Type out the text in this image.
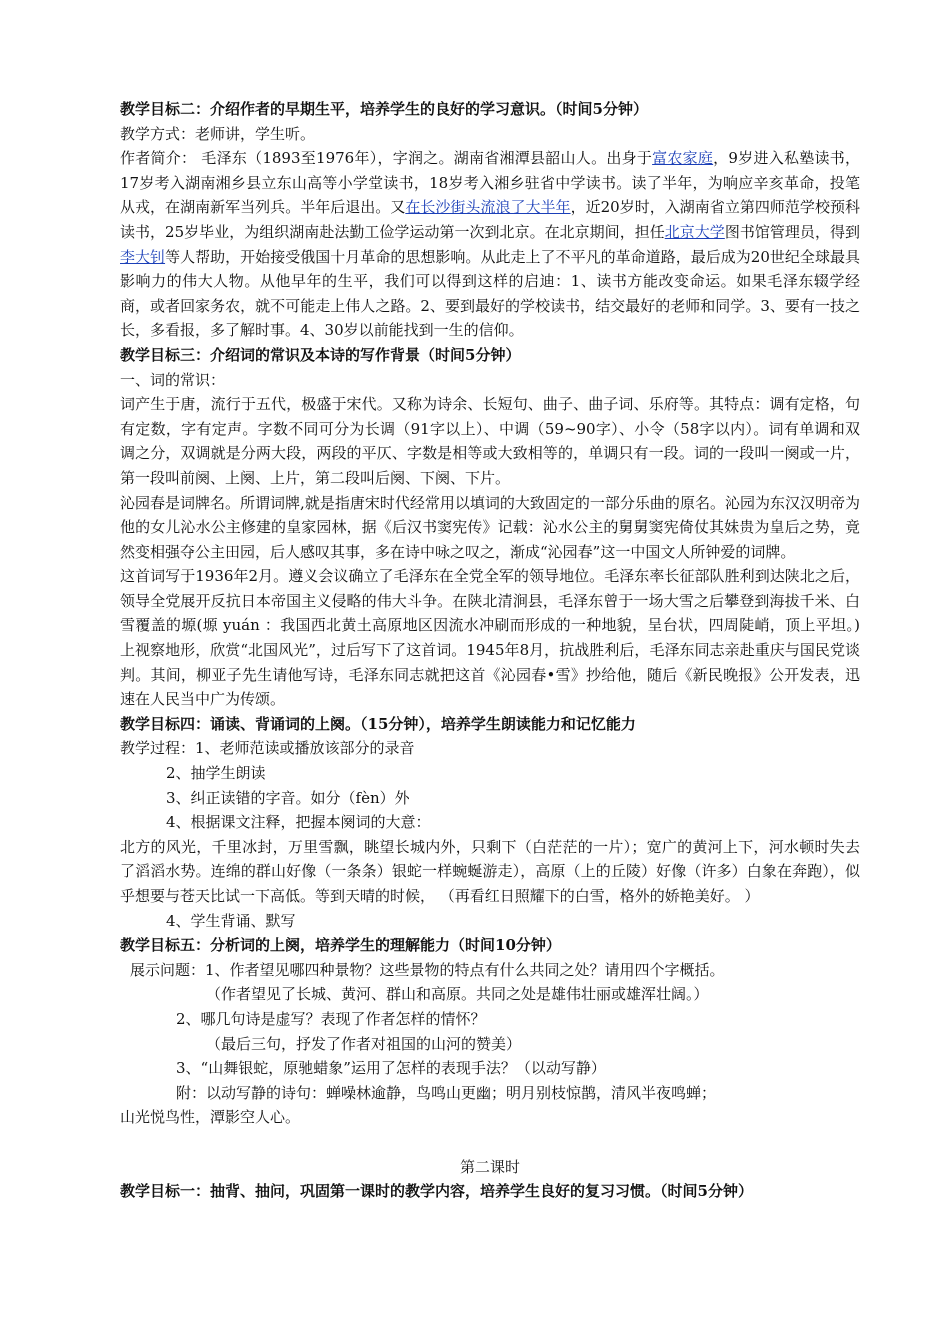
教学目标二：介绍作者的早期生平，培养学生的良好的学习意识。（时间5分钟）

教学方式：老师讲，学生听。

作者简介： 毛泽东（1893至1976年），字润之。湖南省湘潭县韶山人。出身于富农家庭，9岁进入私塾读书，17岁考入湖南湘乡县立东山高等小学堂读书，18岁考入湘乡驻省中学读书。读了半年，为响应辛亥革命，投笔从戎，在湖南新军当列兵。半年后退出。又在长沙街头流浪了大半年，近20岁时，入湖南省立第四师范学校预科读书，25岁毕业，为组织湖南赴法勤工俭学运动第一次到北京。在北京期间，担任北京大学图书馆管理员，得到李大钊等人帮助，开始接受俄国十月革命的思想影响。从此走上了不平凡的革命道路，最后成为20世纪全球最具影响力的伟大人物。从他早年的生平，我们可以得到这样的启迪：1、读书方能改变命运。如果毛泽东辍学经商，或者回家务农，就不可能走上伟人之路。2、要到最好的学校读书，结交最好的老师和同学。3、要有一技之长，多看报，多了解时事。4、30岁以前能找到一生的信仰。

教学目标三：介绍词的常识及本诗的写作背景（时间5分钟）

一、词的常识：

词产生于唐，流行于五代，极盛于宋代。又称为诗余、长短句、曲子、曲子词、乐府等。其特点：调有定格，句有定数，字有定声。字数不同可分为长调（91字以上）、中调（59~90字）、小令（58字以内）。词有单调和双调之分，双调就是分两大段，两段的平仄、字数是相等或大致相等的，单调只有一段。词的一段叫一阕或一片，第一段叫前阕、上阕、上片，第二段叫后阕、下阕、下片。

沁园春是词牌名。所谓词牌,就是指唐宋时代经常用以填词的大致固定的一部分乐曲的原名。沁园为东汉汉明帝为他的女儿沁水公主修建的皇家园林，据《后汉书窦宪传》记载：沁水公主的舅舅窦宪倚仗其妹贵为皇后之势，竟然变相强夺公主田园，后人感叹其事，多在诗中咏之叹之，渐成“沁园春”这一中国文人所钟爱的词牌。

这首词写于1936年2月。遵义会议确立了毛泽东在全党全军的领导地位。毛泽东率长征部队胜利到达陕北之后，领导全党展开反抗日本帝国主义侵略的伟大斗争。在陕北清涧县，毛泽东曾于一场大雪之后攀登到海拔千米、白雪覆盖的塬(塬 yuán ：我国西北黄土高原地区因流水冲刷而形成的一种地貌，呈台状，四周陡峭，顶上平坦。)上视察地形，欣赏“北国风光”，过后写下了这首词。1945年8月，抗战胜利后，毛泽东同志亲赴重庆与国民党谈判。其间，柳亚子先生请他写诗，毛泽东同志就把这首《沁园春•雪》抄给他，随后《新民晚报》公开发表，迅速在人民当中广为传颂。

教学目标四：诵读、背诵词的上阕。（15分钟），培养学生朗读能力和记忆能力

教学过程：1、老师范读或播放该部分的录音

2、抽学生朗读

3、纠正读错的字音。如分（fèn）外

4、根据课文注释，把握本阕词的大意：

北方的风光，千里冰封，万里雪飘，眺望长城内外，只剩下（白茫茫的一片）；宽广的黄河上下，河水顿时失去了滔滔水势。连绵的群山好像（一条条）银蛇一样蜿蜒游走），高原（上的丘陵）好像（许多）白象在奔跑），似乎想要与苍天比试一下高低。等到天晴的时候， （再看红日照耀下的白雪，格外的娇艳美好。 ）

4、学生背诵、默写

教学目标五：分析词的上阕，培养学生的理解能力（时间10分钟）

展示问题：1、作者望见哪四种景物？这些景物的特点有什么共同之处？请用四个字概括。

（作者望见了长城、黄河、群山和高原。共同之处是雄伟壮丽或雄浑壮阔。）

2、哪几句诗是虚写？表现了作者怎样的情怀？

（最后三句，抒发了作者对祖国的山河的赞美）

3、“山舞银蛇，原驰蜡象”运用了怎样的表现手法？（以动写静）

附：以动写静的诗句：蝉噪林逾静，鸟鸣山更幽；明月别枝惊鹊，清风半夜鸣蝉；

山光悦鸟性，潭影空人心。

第二课时

教学目标一：抽背、抽问，巩固第一课时的教学内容，培养学生良好的复习习惯。（时间5分钟）
